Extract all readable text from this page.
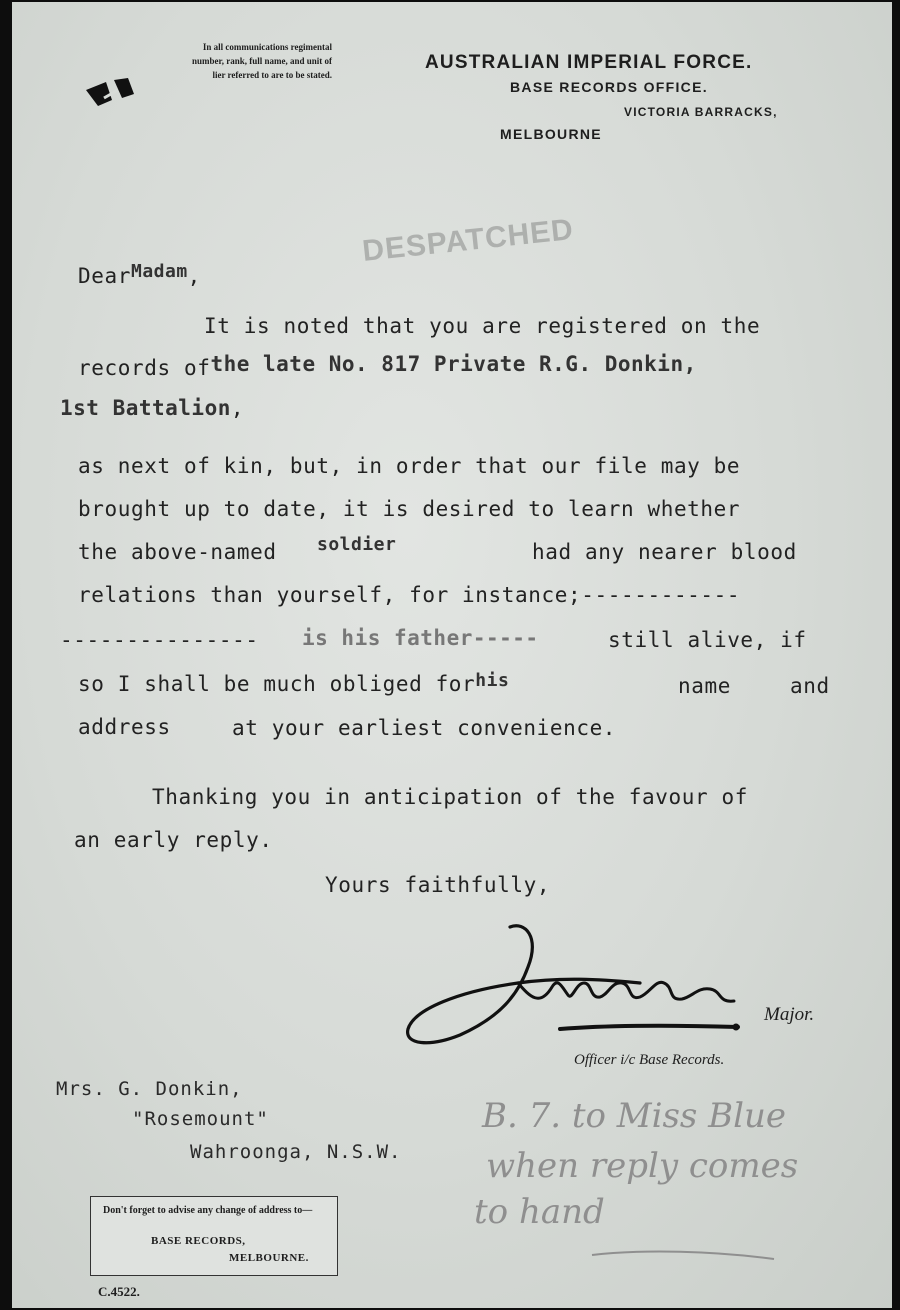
In all communications regimental
number, rank, full name, and unit of
lier referred to are to be stated.
AUSTRALIAN IMPERIAL FORCE.
BASE RECORDS OFFICE.
VICTORIA BARRACKS,
MELBOURNE
DESPATCHED
DearMadam,
It is noted that you are registered on the
records ofthe late No. 817 Private R.G. Donkin,
1st Battalion,
as next of kin, but, in order that our file may be
brought up to date, it is desired to learn whether
the above-named soldier	had any nearer blood
relations than yourself, for instance;------------
--------------- is his father-----	still alive, if
so I shall be much obliged forhis	name	and
address	at your earliest convenience.
Thanking you in anticipation of the favour of
an early reply.
Yours faithfully,
Major.
Officer i/c Base Records.
Mrs. G. Donkin,
"Rosemount"
Wahroonga, N.S.W.
B. 7. to Miss Blue
when reply comes
to hand
Don't forget to advise any change of address to—
BASE RECORDS,
MELBOURNE.
C.4522.
